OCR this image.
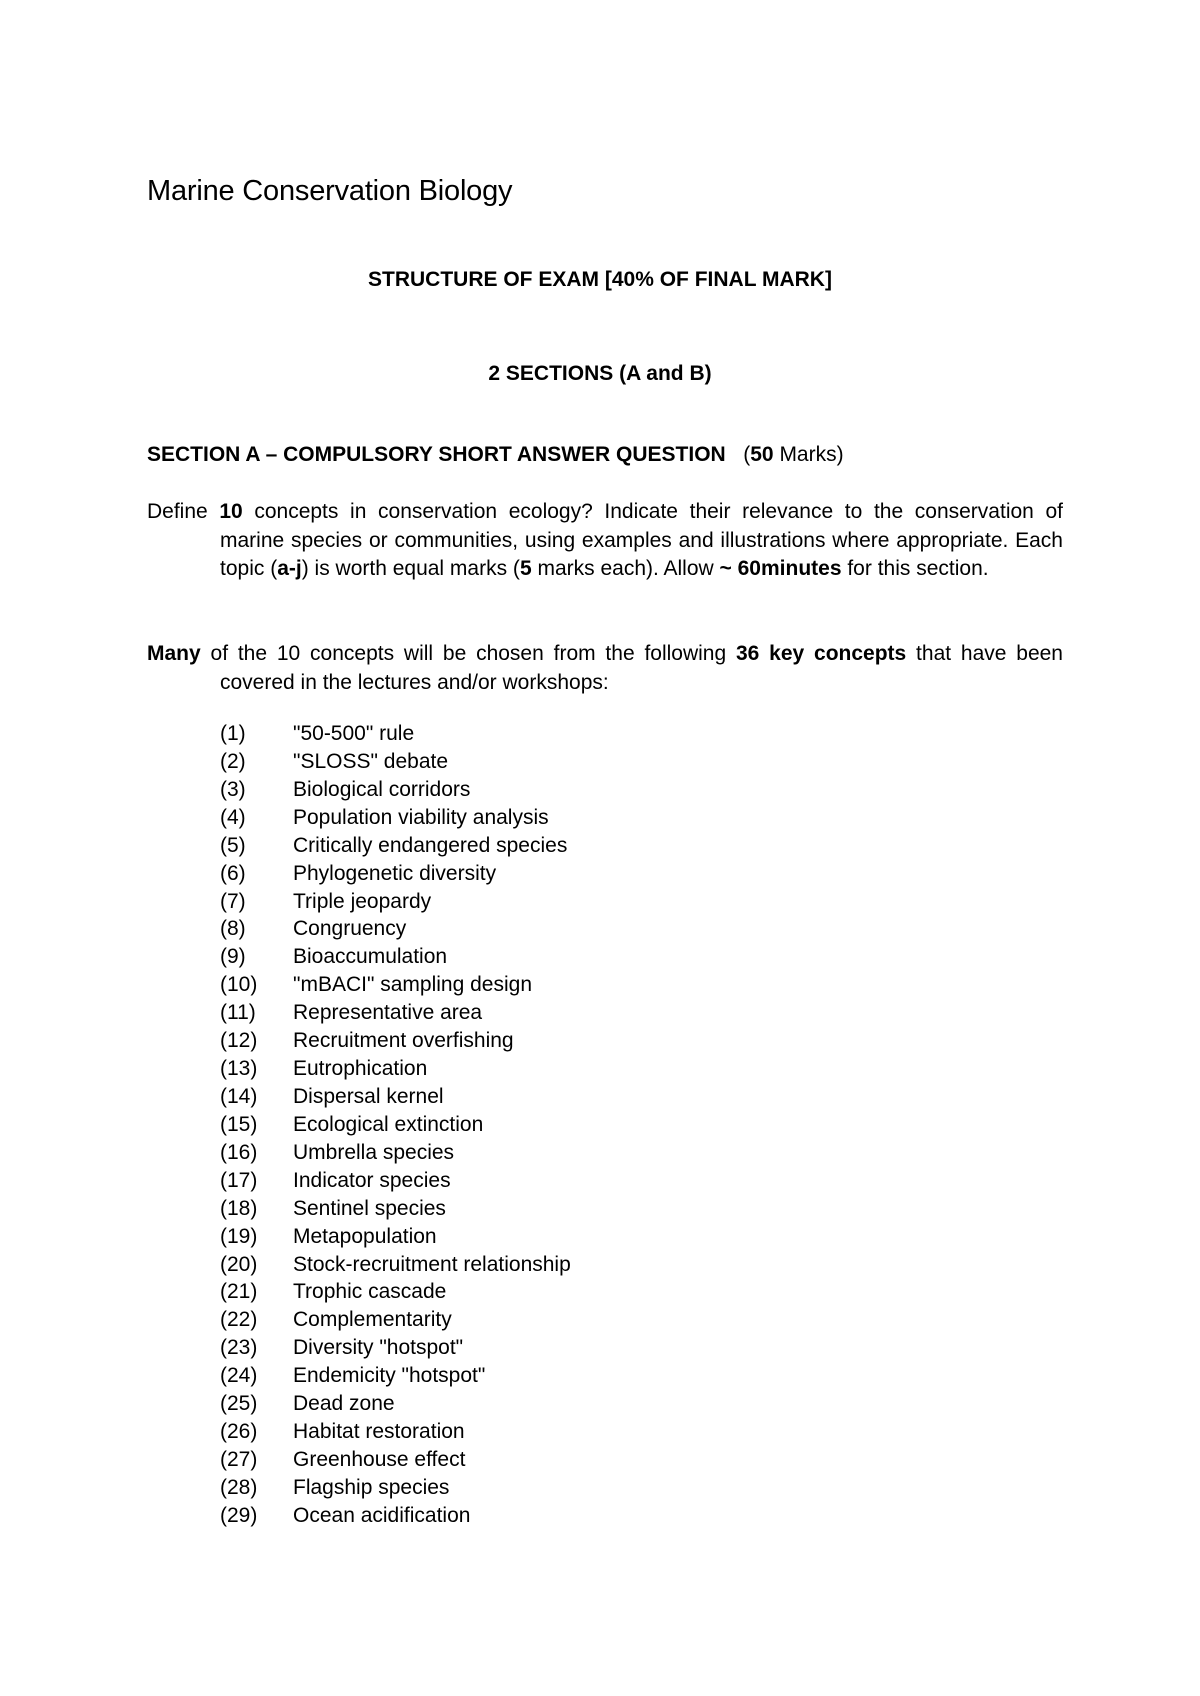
Marine Conservation Biology
STRUCTURE OF EXAM [40% OF FINAL MARK]
2 SECTIONS (A and B)
SECTION A – COMPULSORY SHORT ANSWER QUESTION (50 Marks)
Define 10 concepts in conservation ecology? Indicate their relevance to the conservation of marine species or communities, using examples and illustrations where appropriate. Each topic (a-j) is worth equal marks (5 marks each). Allow ~ 60minutes for this section.
Many of the 10 concepts will be chosen from the following 36 key concepts that have been covered in the lectures and/or workshops:
(1) "50-500" rule
(2) "SLOSS" debate
(3) Biological corridors
(4) Population viability analysis
(5) Critically endangered species
(6) Phylogenetic diversity
(7) Triple jeopardy
(8) Congruency
(9) Bioaccumulation
(10) "mBACI" sampling design
(11) Representative area
(12) Recruitment overfishing
(13) Eutrophication
(14) Dispersal kernel
(15) Ecological extinction
(16) Umbrella species
(17) Indicator species
(18) Sentinel species
(19) Metapopulation
(20) Stock-recruitment relationship
(21) Trophic cascade
(22) Complementarity
(23) Diversity "hotspot"
(24) Endemicity "hotspot"
(25) Dead zone
(26) Habitat restoration
(27) Greenhouse effect
(28) Flagship species
(29) Ocean acidification
